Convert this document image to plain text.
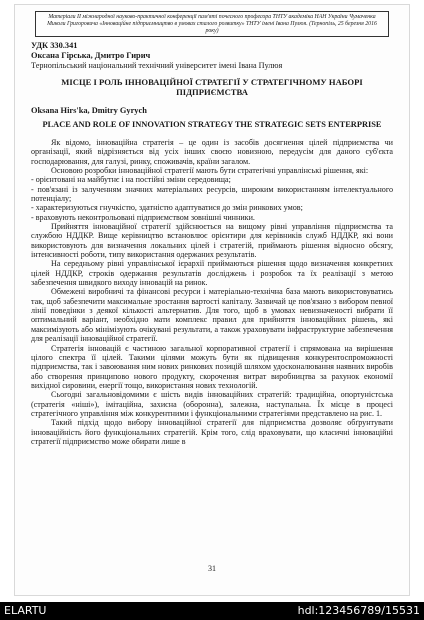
Матеріали ІІ міжнародної науково-практичної конференції пам'яті почесного професора ТНТУ академіка НАН України Чумаченка Миколи Григоровича «Інноваційне підприємництво в умовах сталого розвитку» ТНТУ імені Івана Пулюя. (Тернопіль, 25 березня 2016 року)
УДК 330.341
Оксана Гірська, Дмитро Гирич
Тернопільський національний технічний університет імені Івана Пулюя
МІСЦЕ І РОЛЬ ІННОВАЦІЙНОЇ СТРАТЕГІЇ У СТРАТЕГІЧНОМУ НАБОРІ ПІДПРИЄМСТВА
Oksana Hirs'ka, Dmitry Gyrych
PLACE AND ROLE OF INNOVATION STRATEGY THE STRATEGIC SETS ENTERPRISE

Як відомо, інноваційна стратегія – це один із засобів досягнення цілей підприємства чи організації, який відрізняється від усіх інших своєю новизною, передусім для даного суб'єкта господарювання, для галузі, ринку, споживачів, країни загалом.

Основою розробки інноваційної стратегії мають бути стратегічні управлінські рішення, які:

- орієнтовані на майбутнє і на постійні зміни середовища;

- пов'язані із залученням значних матеріальних ресурсів, широким використанням інтелектуального потенціалу;

- характеризуються гнучкістю, здатністю адаптуватися до змін ринкових умов;

- враховують неконтрольовані підприємством зовнішні чинники.

Прийняття інноваційної стратегії здійснюється на вищому рівні управління підприємства та службою НДДКР. Вище керівництво встановлює орієнтири для керівників служб НДДКР, які вони використовують для визначення локальних цілей і стратегій, приймають рішення відносно обсягу, інтенсивності роботи, типу використання одержаних результатів.

На середньому рівні управлінської ієрархії приймаються рішення щодо визначення конкретних цілей НДДКР, строків одержання результатів досліджень і розробок та їх реалізації з метою забезпечення швидкого виходу інновацій на ринок.

Обмежені виробничі та фінансові ресурси і матеріально-технічна база мають використовуватись так, щоб забезпечити максимальне зростання вартості капіталу. Зазвичай це пов'язано з вибором певної лінії поведінки з деякої кількості альтернатив. Для того, щоб в умовах невизначеності вибрати її оптимальний варіант, необхідно мати комплекс правил для прийняття інноваційних рішень, які максимізують або мінімізують очікувані результати, а також ураховувати інфраструктурне забезпечення для реалізації інноваційної стратегії.

Стратегія інновацій є частиною загальної корпоративної стратегії і спрямована на вирішення цілого спектра її цілей. Такими цілями можуть бути як підвищення конкурентоспроможності підприємства, так і завоювання ним нових ринкових позицій шляхом удосконалювання наявних виробів або створення принципово нового продукту, скорочення витрат виробництва за рахунок економії вихідної сировини, енергії тощо, використання нових технологій.

Сьогодні загальновідомими є шість видів інноваційних стратегій: традиційна, опортуністська (стратегія «ніші»), імітаційна, захисна (оборонна), залежна, наступальна. Їх місце в процесі стратегічного управління між конкурентними і функціональними стратегіями представлено на рис. 1.

Такий підхід щодо вибору інноваційної стратегії для підприємства дозволяє обґрунтувати інноваційність його функціональних стратегій. Крім того, слід враховувати, що класичні інноваційні стратегії підприємство може обирати лише в

31
ELARTU	hdl:123456789/15531
